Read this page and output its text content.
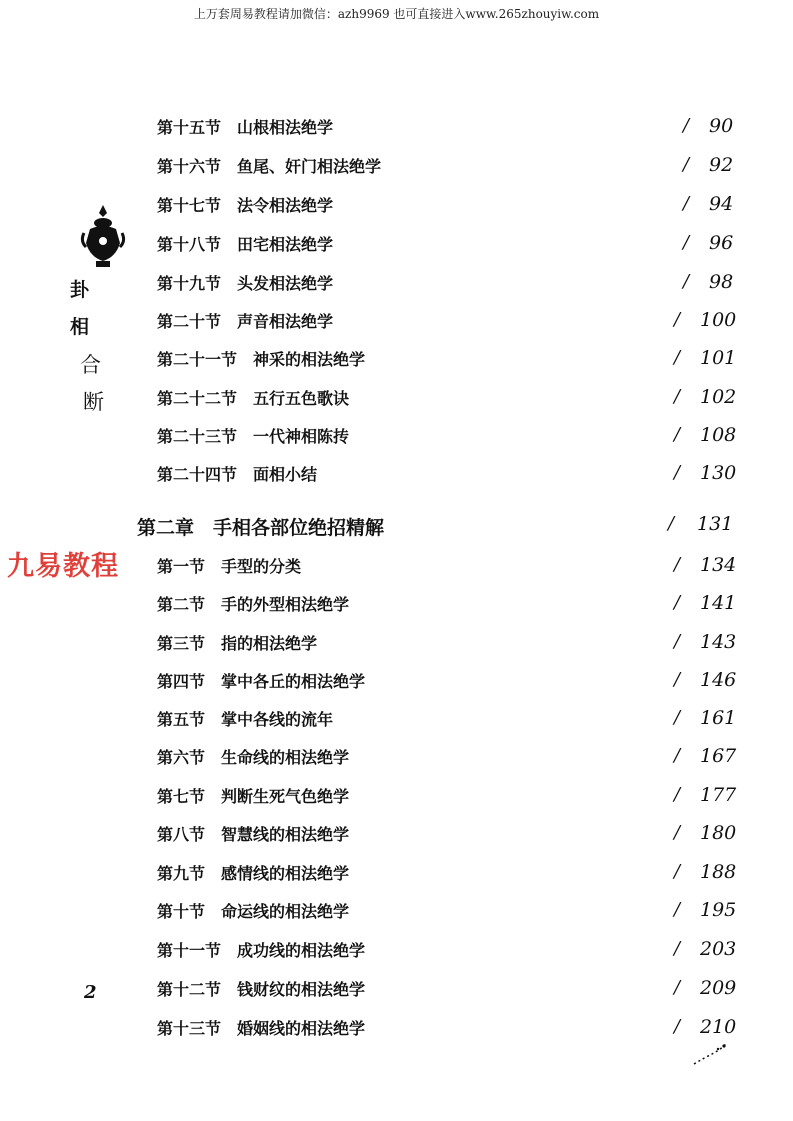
上万套周易教程请加微信：azh9969 也可直接进入www.265zhouyiw.com
卦
相
合
断
九易教程
第十五节　山根相法绝学	/ 90
第十六节　鱼尾、奸门相法绝学	/ 92
第十七节　法令相法绝学	/ 94
第十八节　田宅相法绝学	/ 96
第十九节　头发相法绝学	/ 98
第二十节　声音相法绝学	/ 100
第二十一节　神采的相法绝学	/ 101
第二十二节　五行五色歌诀	/ 102
第二十三节　一代神相陈抟	/ 108
第二十四节　面相小结	/ 130
第二章　手相各部位绝招精解	/ 131
第一节　手型的分类	/ 134
第二节　手的外型相法绝学	/ 141
第三节　指的相法绝学	/ 143
第四节　掌中各丘的相法绝学	/ 146
第五节　掌中各线的流年	/ 161
第六节　生命线的相法绝学	/ 167
第七节　判断生死气色绝学	/ 177
第八节　智慧线的相法绝学	/ 180
第九节　感情线的相法绝学	/ 188
第十节　命运线的相法绝学	/ 195
第十一节　成功线的相法绝学	/ 203
第十二节　钱财纹的相法绝学	/ 209
第十三节　婚姻线的相法绝学	/ 210
2
